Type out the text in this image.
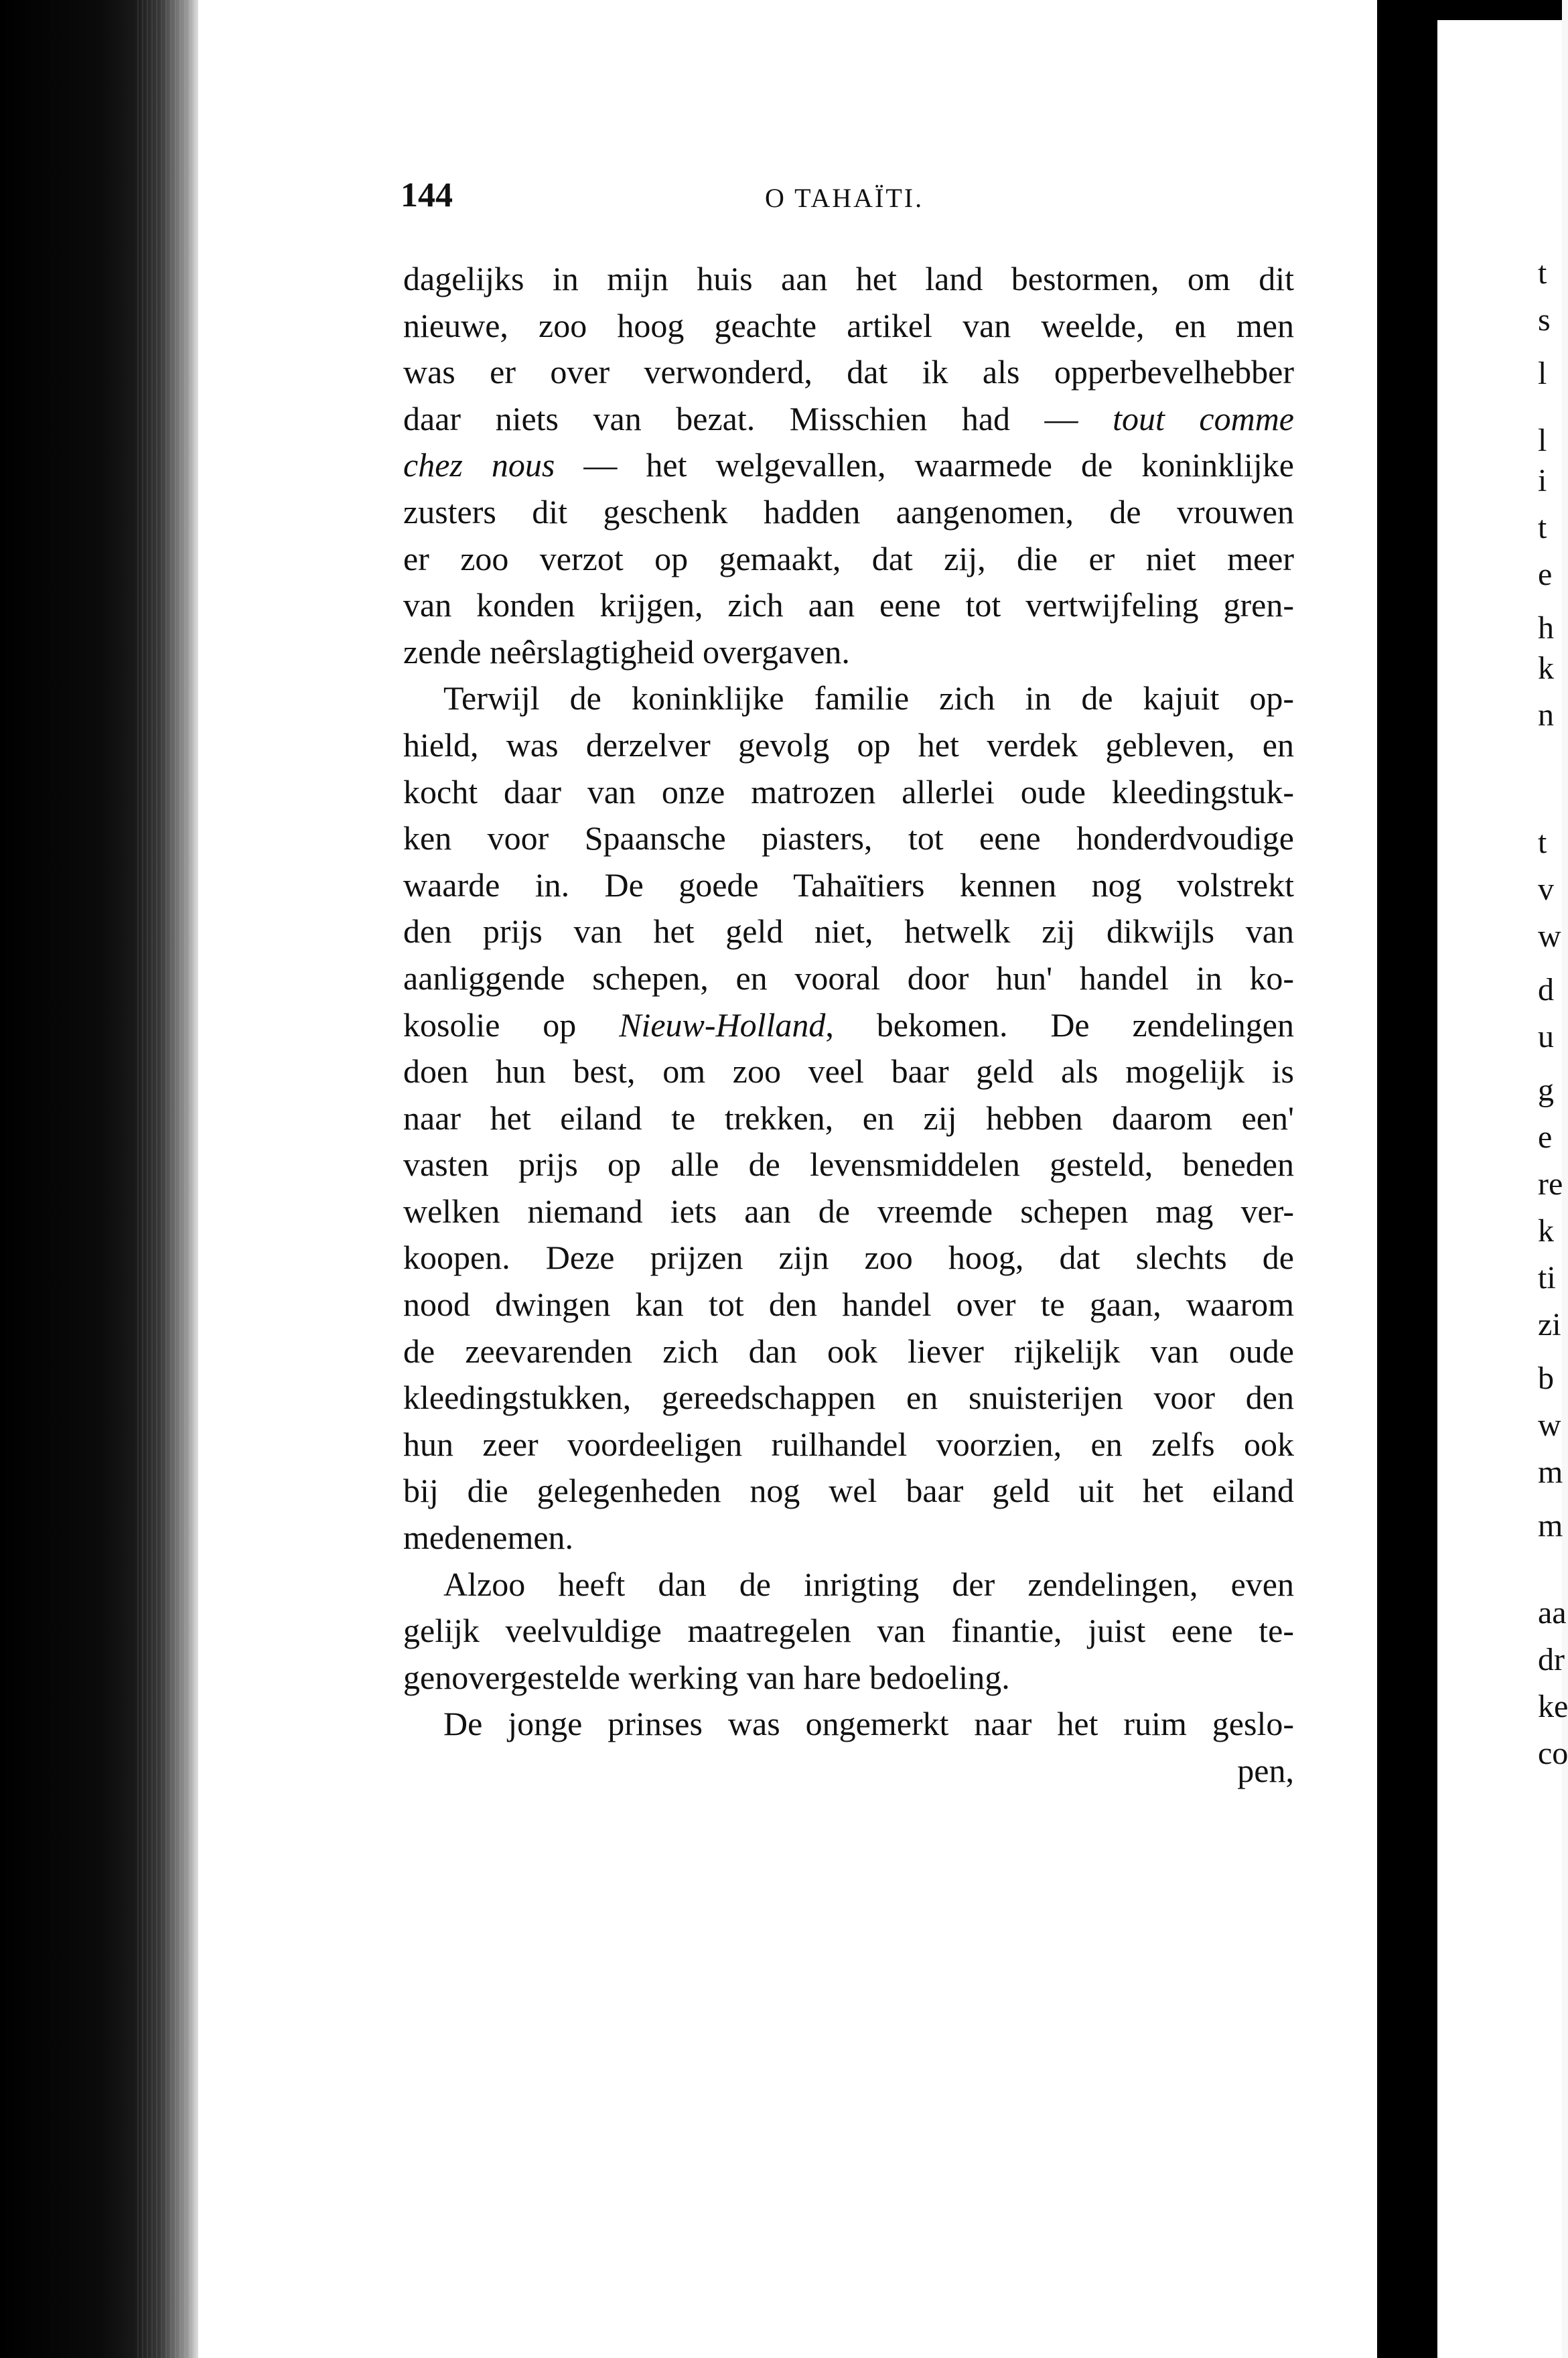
t
s
l
l
i
t
e
h
k
n
t
v
w
d
u
g
e
re
k
ti
zi
b
w
m
m
aa
dr
ke
co
144	O TAHAÏTI.
dagelijks in mijn huis aan het land bestormen, om dit
nieuwe, zoo hoog geachte artikel van weelde, en men
was er over verwonderd, dat ik als opperbevelhebber
daar niets van bezat. Misschien had — tout comme
chez nous — het welgevallen, waarmede de koninklijke
zusters dit geschenk hadden aangenomen, de vrouwen
er zoo verzot op gemaakt, dat zij, die er niet meer
van konden krijgen, zich aan eene tot vertwijfeling gren-
zende neêrslagtigheid overgaven.
Terwijl de koninklijke familie zich in de kajuit op-
hield, was derzelver gevolg op het verdek gebleven, en
kocht daar van onze matrozen allerlei oude kleedingstuk-
ken voor Spaansche piasters, tot eene honderdvoudige
waarde in. De goede Tahaïtiers kennen nog volstrekt
den prijs van het geld niet, hetwelk zij dikwijls van
aanliggende schepen, en vooral door hun' handel in ko-
kosolie op Nieuw-Holland, bekomen. De zendelingen
doen hun best, om zoo veel baar geld als mogelijk is
naar het eiland te trekken, en zij hebben daarom een'
vasten prijs op alle de levensmiddelen gesteld, beneden
welken niemand iets aan de vreemde schepen mag ver-
koopen. Deze prijzen zijn zoo hoog, dat slechts de
nood dwingen kan tot den handel over te gaan, waarom
de zeevarenden zich dan ook liever rijkelijk van oude
kleedingstukken, gereedschappen en snuisterijen voor den
hun zeer voordeeligen ruilhandel voorzien, en zelfs ook
bij die gelegenheden nog wel baar geld uit het eiland
medenemen.
Alzoo heeft dan de inrigting der zendelingen, even
gelijk veelvuldige maatregelen van finantie, juist eene te-
genovergestelde werking van hare bedoeling.
De jonge prinses was ongemerkt naar het ruim geslo-
pen,
